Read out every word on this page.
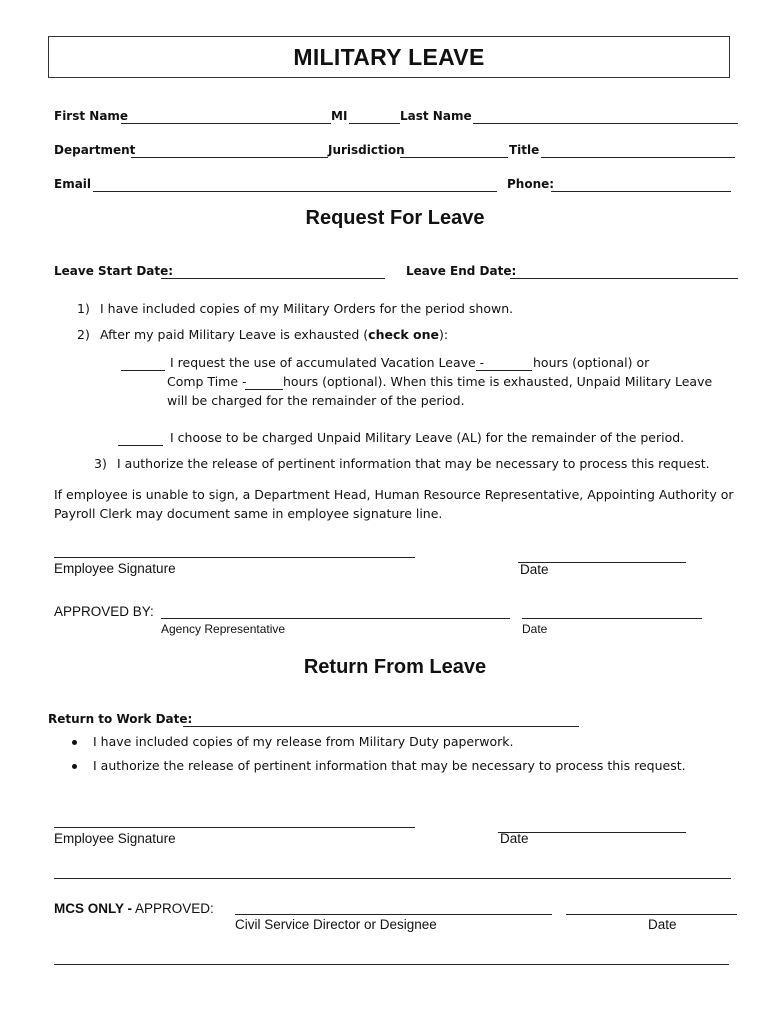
MILITARY LEAVE
First Name	MI	Last Name
Department	Jurisdiction	Title
Email	Phone:
Request For Leave
Leave Start Date:	Leave End Date:
1) I have included copies of my Military Orders for the period shown.
2) After my paid Military Leave is exhausted (check one):
I request the use of accumulated Vacation Leave -	hours (optional) or
Comp Time -	hours (optional). When this time is exhausted, Unpaid Military Leave
will be charged for the remainder of the period.
I choose to be charged Unpaid Military Leave (AL) for the remainder of the period.
3) I authorize the release of pertinent information that may be necessary to process this request.
If employee is unable to sign, a Department Head, Human Resource Representative, Appointing Authority or
Payroll Clerk may document same in employee signature line.
Employee Signature	Date
APPROVED BY:
Agency Representative	Date
Return From Leave
Return to Work Date:
I have included copies of my release from Military Duty paperwork.
I authorize the release of pertinent information that may be necessary to process this request.
Employee Signature	Date
MCS ONLY - APPROVED:
Civil Service Director or Designee	Date
